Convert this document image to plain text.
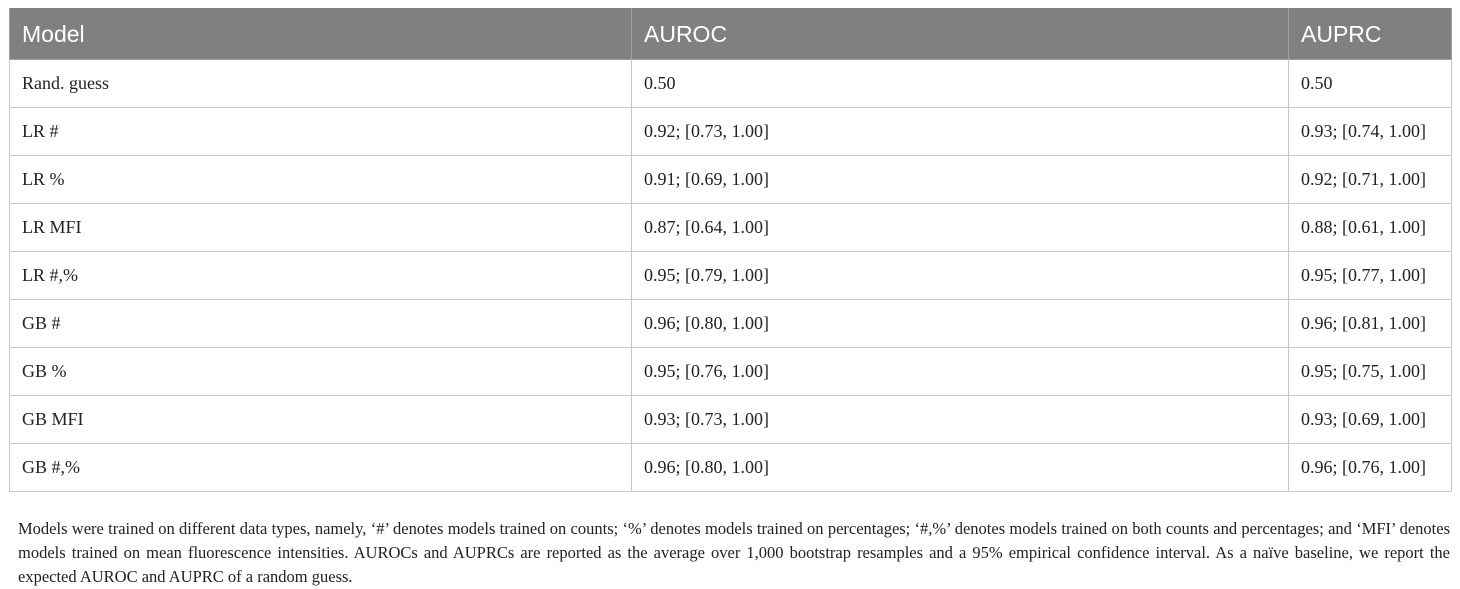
Model	AUROC	AUPRC
Rand. guess	0.50	0.50
LR #	0.92; [0.73, 1.00]	0.93; [0.74, 1.00]
LR %	0.91; [0.69, 1.00]	0.92; [0.71, 1.00]
LR MFI	0.87; [0.64, 1.00]	0.88; [0.61, 1.00]
LR #,%	0.95; [0.79, 1.00]	0.95; [0.77, 1.00]
GB #	0.96; [0.80, 1.00]	0.96; [0.81, 1.00]
GB %	0.95; [0.76, 1.00]	0.95; [0.75, 1.00]
GB MFI	0.93; [0.73, 1.00]	0.93; [0.69, 1.00]
GB #,%	0.96; [0.80, 1.00]	0.96; [0.76, 1.00]

Models were trained on different data types, namely, ‘#’ denotes models trained on counts; ‘%’ denotes models trained on percentages; ‘#,%’ denotes models trained on both counts and percentages; and ‘MFI’ denotes models trained on mean fluorescence intensities. AUROCs and AUPRCs are reported as the average over 1,000 bootstrap resamples and a 95% empirical confidence interval. As a naïve baseline, we report the expected AUROC and AUPRC of a random guess.
